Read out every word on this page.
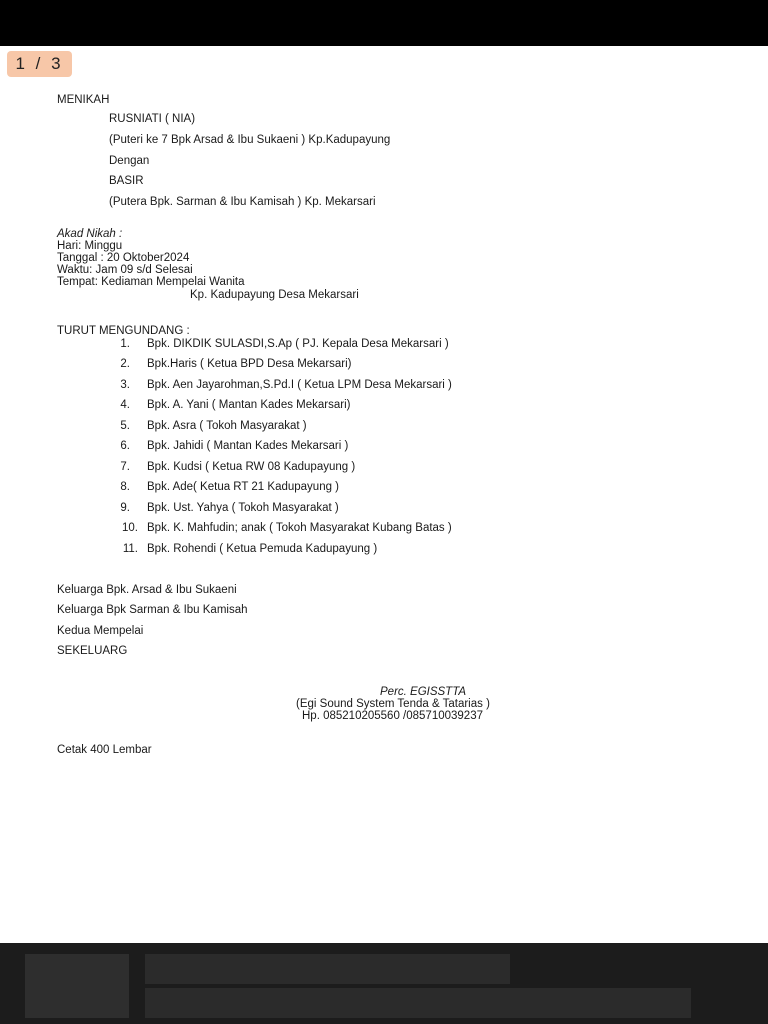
1 / 3
MENIKAH
RUSNIATI ( NIA)
(Puteri ke 7 Bpk Arsad & Ibu Sukaeni ) Kp.Kadupayung
Dengan
BASIR
(Putera Bpk. Sarman & Ibu Kamisah ) Kp. Mekarsari
Akad Nikah :
Hari: Minggu
Tanggal : 20 Oktober2024
Waktu: Jam 09 s/d Selesai
Tempat: Kediaman Mempelai Wanita
Kp. Kadupayung Desa Mekarsari
TURUT MENGUNDANG :
1. Bpk. DIKDIK SULASDI,S.Ap ( PJ. Kepala Desa Mekarsari )
2. Bpk.Haris ( Ketua BPD Desa Mekarsari)
3. Bpk. Aen Jayarohman,S.Pd.I ( Ketua LPM Desa Mekarsari )
4. Bpk. A. Yani ( Mantan Kades Mekarsari)
5. Bpk. Asra ( Tokoh Masyarakat )
6. Bpk. Jahidi ( Mantan Kades Mekarsari )
7. Bpk. Kudsi ( Ketua RW 08 Kadupayung )
8. Bpk. Ade( Ketua RT 21 Kadupayung )
9. Bpk. Ust. Yahya ( Tokoh Masyarakat )
10. Bpk. K. Mahfudin; anak ( Tokoh Masyarakat Kubang Batas )
11. Bpk. Rohendi ( Ketua Pemuda Kadupayung )
Keluarga Bpk. Arsad & Ibu Sukaeni
Keluarga Bpk Sarman & Ibu Kamisah
Kedua Mempelai
SEKELUARG
Perc. EGISSTTA
(Egi Sound System Tenda & Tatarias )
Hp. 085210205560 /085710039237
Cetak 400 Lembar
